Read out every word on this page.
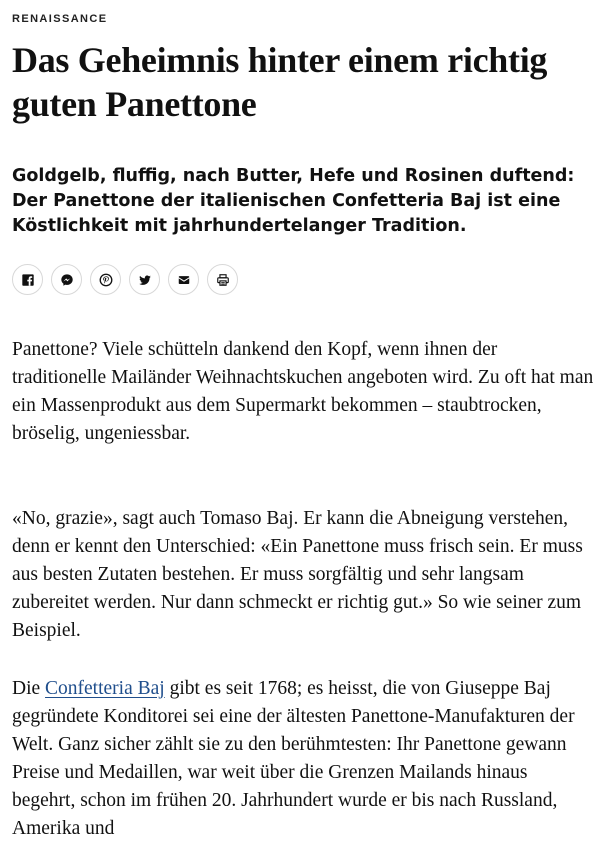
RENAISSANCE
Das Geheimnis hinter einem richtig guten Panettone

Goldgelb, fluffig, nach Butter, Hefe und Rosinen duftend: Der Panettone der italienischen Confetteria Baj ist eine Köstlichkeit mit jahrhundertelanger Tradition.

Panettone? Viele schütteln dankend den Kopf, wenn ihnen der traditionelle Mailänder Weihnachtskuchen angeboten wird. Zu oft hat man ein Massenprodukt aus dem Supermarkt bekommen – staubtrocken, bröselig, ungeniessbar.

«No, grazie», sagt auch Tomaso Baj. Er kann die Abneigung verstehen, denn er kennt den Unterschied: «Ein Panettone muss frisch sein. Er muss aus besten Zutaten bestehen. Er muss sorgfältig und sehr langsam zubereitet werden. Nur dann schmeckt er richtig gut.» So wie seiner zum Beispiel.

Die Confetteria Baj gibt es seit 1768; es heisst, die von Giuseppe Baj gegründete Konditorei sei eine der ältesten Panettone-Manufakturen der Welt. Ganz sicher zählt sie zu den berühmtesten: Ihr Panettone gewann Preise und Medaillen, war weit über die Grenzen Mailands hinaus begehrt, schon im frühen 20. Jahrhundert wurde er bis nach Russland, Amerika und
